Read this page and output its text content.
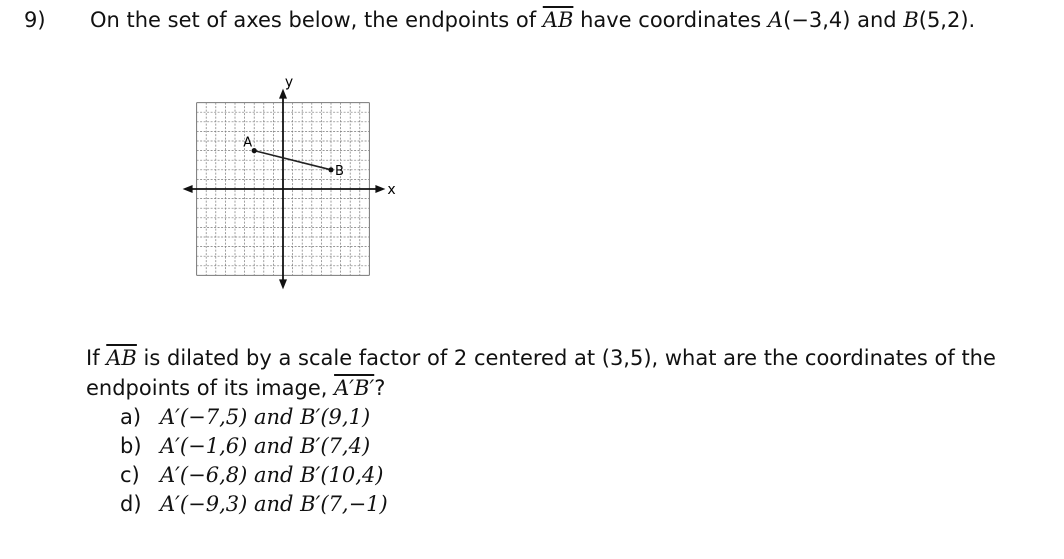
9) On the set of axes below, the endpoints of $\overline{AB}$ have coordinates A(−3,4) and B(5,2).
y
x
A
B
If $\overline{AB}$ is dilated by a scale factor of 2 centered at (3,5), what are the coordinates of the
endpoints of its image, A′B′?
a) A′(−7,5) and B′(9,1)
b) A′(−1,6) and B′(7,4)
c) A′(−6,8) and B′(10,4)
d) A′(−9,3) and B′(7,−1)
